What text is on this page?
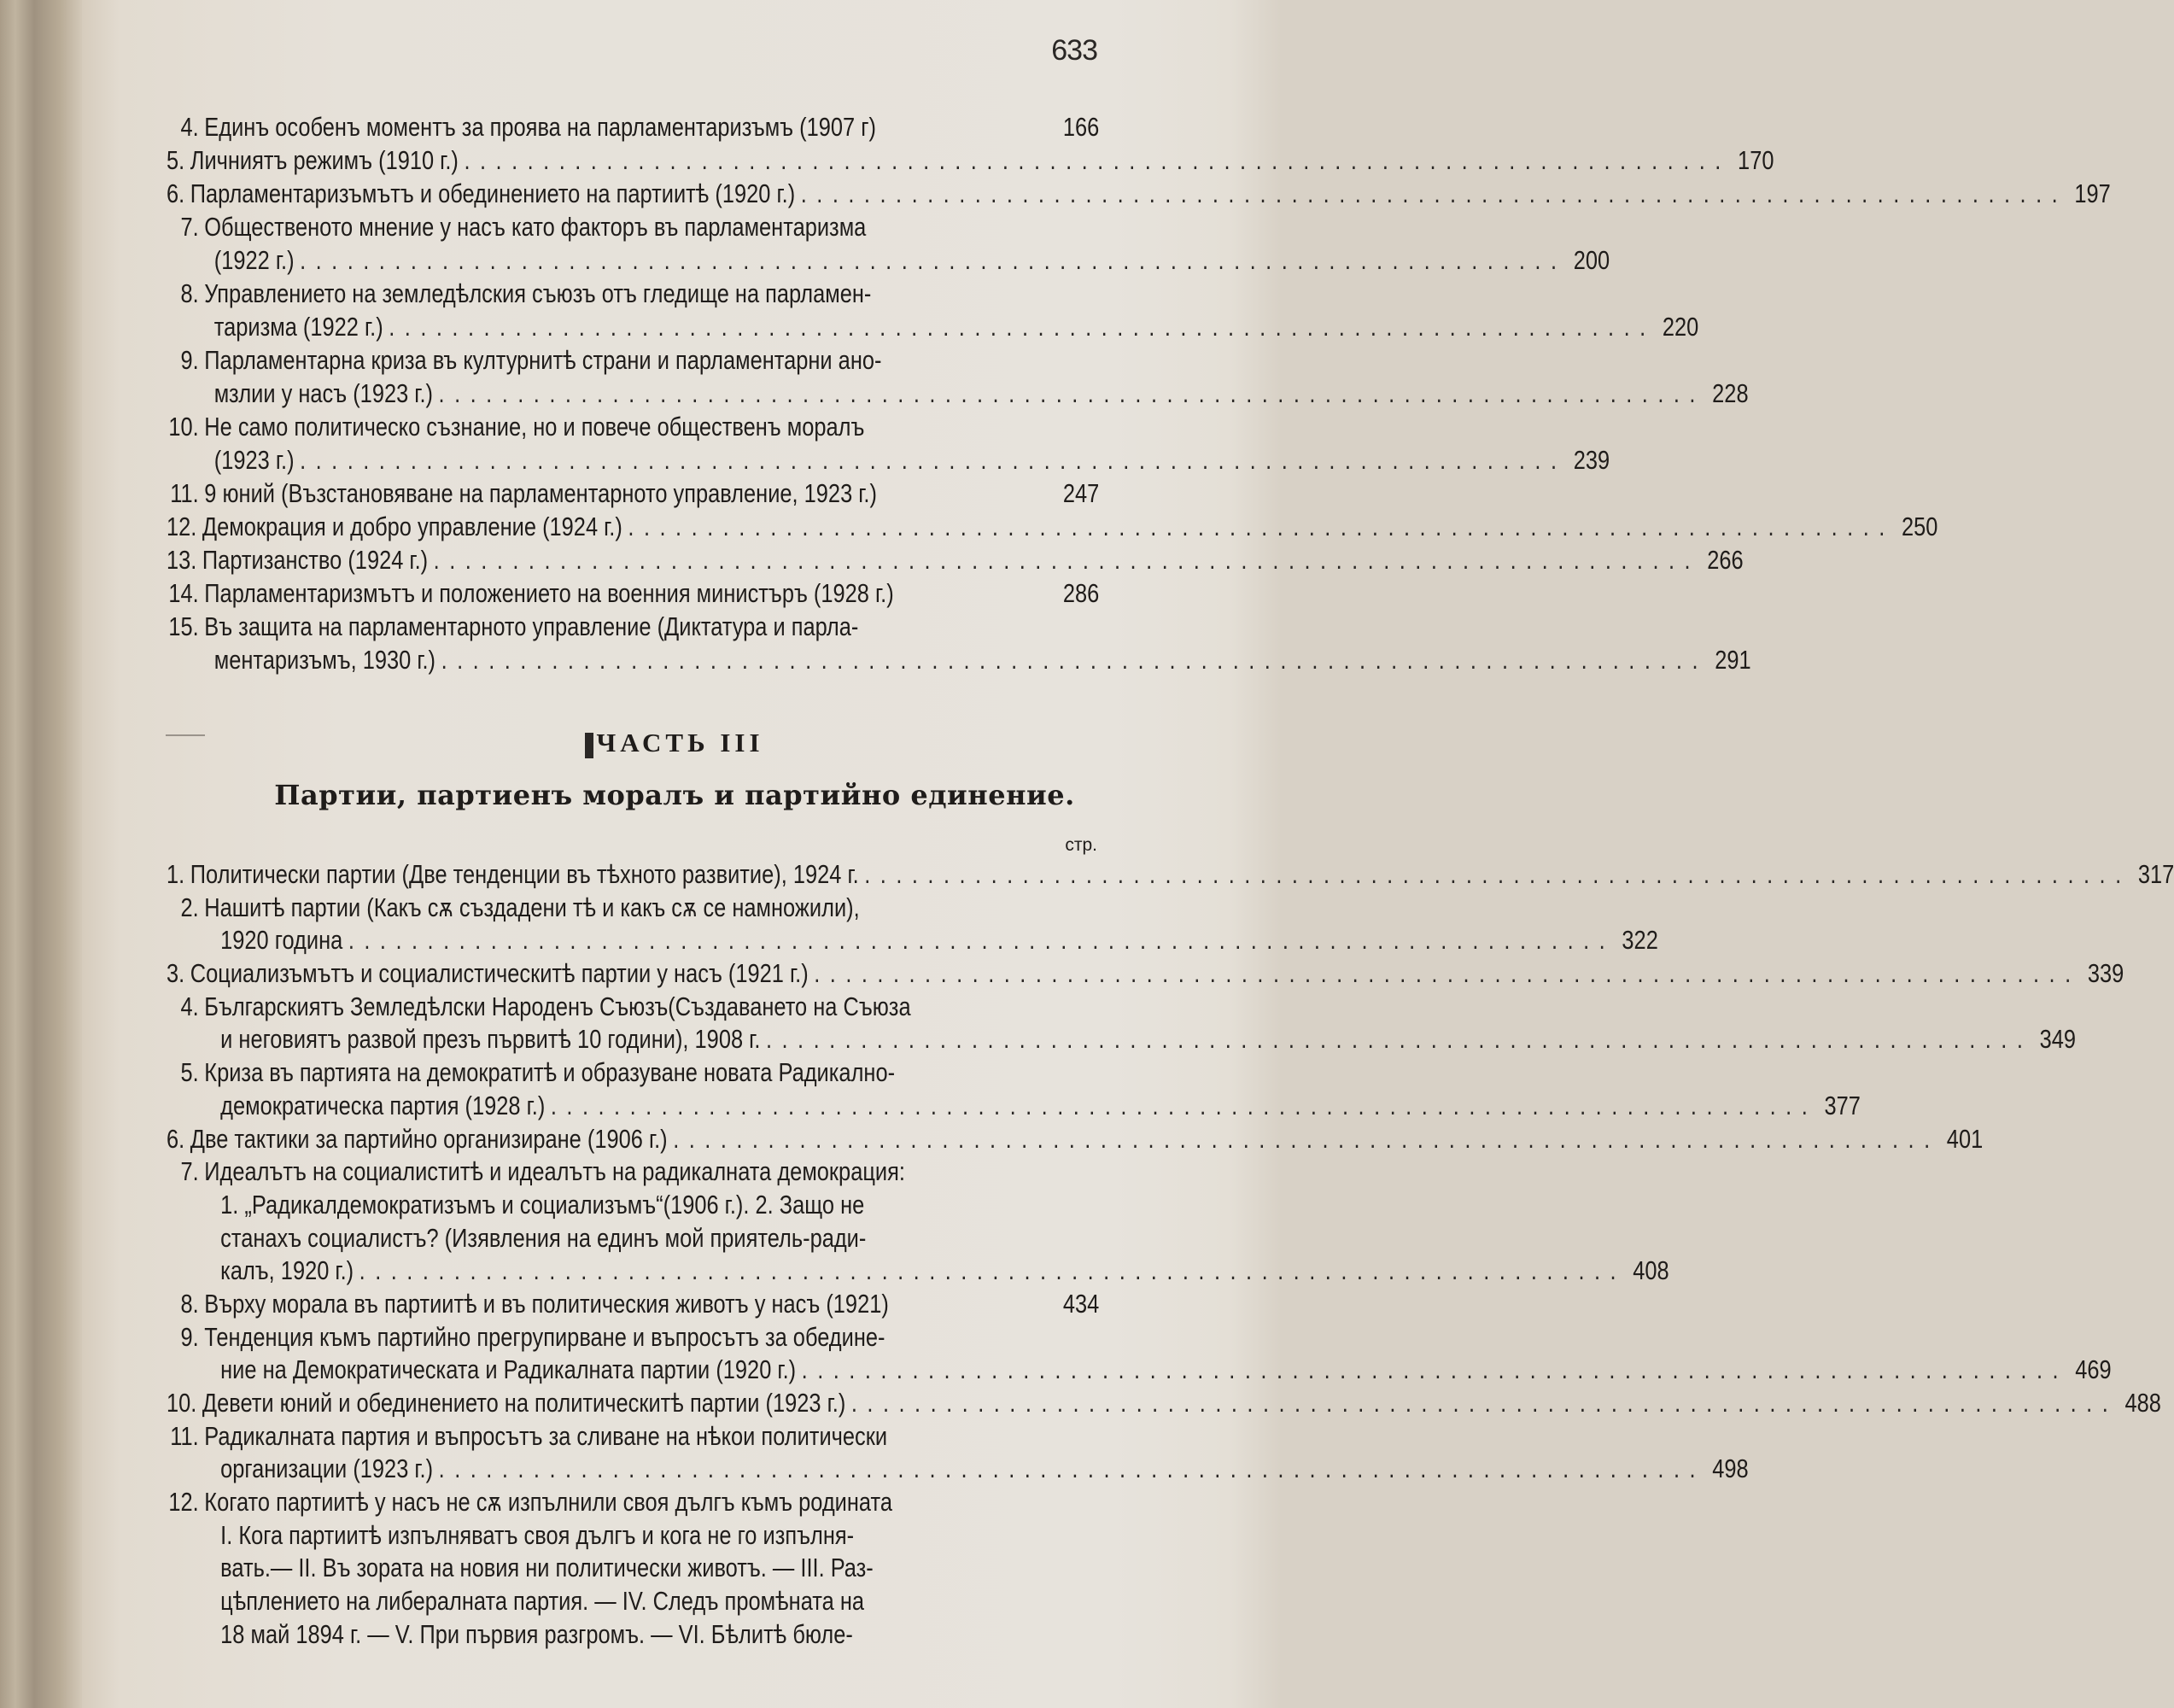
633
4. Единъ особенъ моментъ за проява на парламентаризъмъ (1907 г)	166
5. Личниятъ режимъ (1910 г.) ................................................................................ 170
6. Парламентаризъмътъ и обединението на партиитѣ (1920 г.) ................................................................................ 197
7. Общественото мнение у насъ като факторъ въ парламентаризма
(1922 г.) ................................................................................ 200
8. Управлението на земледѣлския съюзъ отъ гледище на парламен-
таризма (1922 г.) ................................................................................ 220
9. Парламентарна криза въ културнитѣ страни и парламентарни ано-
мзлии у насъ (1923 г.) ................................................................................ 228
10. Не само политическо съзнание, но и повече общественъ моралъ
(1923 г.) ................................................................................ 239
11. 9 юний (Възстановяване на парламентарното управление, 1923 г.)	247
12. Демокрация и добро управление (1924 г.) ................................................................................ 250
13. Партизанство (1924 г.) ................................................................................ 266
14. Парламентаризмътъ и положението на военния министъръ (1928 г.)	286
15. Въ защита на парламентарното управление (Диктатура и парла-
ментаризъмъ, 1930 г.) ................................................................................ 291
ЧАСТЬ III
Партии, партиенъ моралъ и партийно единение.
стр.
1. Политически партии (Две тенденции въ тѣхното развитие), 1924 г. ................................................................................ 317
2. Нашитѣ партии (Какъ сѫ създадени тѣ и какъ сѫ се намножили),
1920 година ................................................................................ 322
3. Социализъмътъ и социалистическитѣ партии у насъ (1921 г.) ................................................................................ 339
4. Българскиятъ Земледѣлски Народенъ Съюзъ(Създаването на Съюза
и неговиятъ развой презъ първитѣ 10 години), 1908 г. ................................................................................ 349
5. Криза въ партията на демократитѣ и образуване новата Радикално-
демократическа партия (1928 г.) ................................................................................ 377
6. Две тактики за партийно организиране (1906 г.) ................................................................................ 401
7. Идеалътъ на социалиститѣ и идеалътъ на радикалната демокрация:
1. „Радикалдемократизъмъ и социализъмъ“(1906 г.). 2. Защо не
станахъ социалистъ? (Изявления на единъ мой приятель-ради-
калъ, 1920 г.) ................................................................................ 408
8. Върху морала въ партиитѣ и въ политическия животъ у насъ (1921)	434
9. Тенденция къмъ партийно прегрупирване и въпросътъ за обедине-
ние на Демократическата и Радикалната партии (1920 г.) ................................................................................ 469
10. Девети юний и обединението на политическитѣ партии (1923 г.) ................................................................................ 488
11. Радикалната партия и въпросътъ за сливане на нѣкои политически
организации (1923 г.) ................................................................................ 498
12. Когато партиитѣ у насъ не сѫ изпълнили своя дългъ къмъ родината
I. Кога партиитѣ изпълняватъ своя дългъ и кога не го изпълня-
вать.— II. Въ зората на новия ни политически животъ. — III. Раз-
цѣплението на либералната партия. — IV. Следъ промѣната на
18 май 1894 г. — V. При първия разгромъ. — VI. Бѣлитѣ бюле-
